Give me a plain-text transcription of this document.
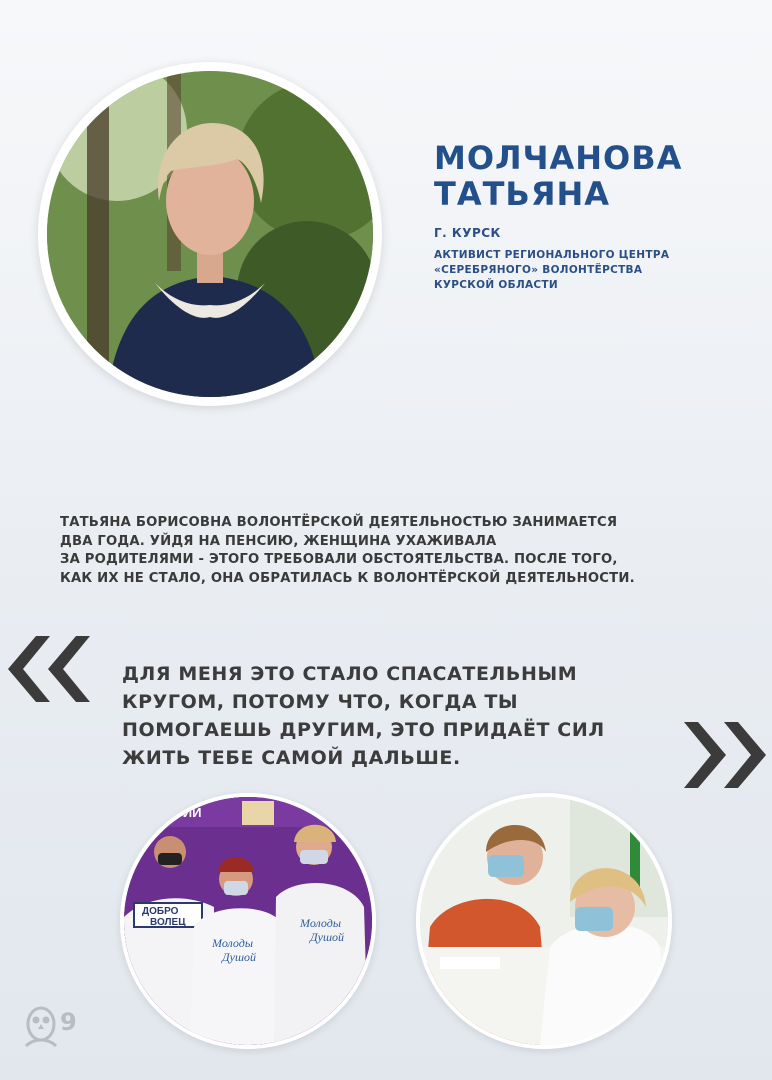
МОЛЧАНОВА
ТАТЬЯНА
Г. КУРСК
АКТИВИСТ РЕГИОНАЛЬНОГО ЦЕНТРА
«СЕРЕБРЯНОГО» ВОЛОНТЁРСТВА
КУРСКОЙ ОБЛАСТИ
ТАТЬЯНА БОРИСОВНА ВОЛОНТЁРСКОЙ ДЕЯТЕЛЬНОСТЬЮ ЗАНИМАЕТСЯ
ДВА ГОДА. УЙДЯ НА ПЕНСИЮ, ЖЕНЩИНА УХАЖИВАЛА
ЗА РОДИТЕЛЯМИ - ЭТОГО ТРЕБОВАЛИ ОБСТОЯТЕЛЬСТВА. ПОСЛЕ ТОГО,
КАК ИХ НЕ СТАЛО, ОНА ОБРАТИЛАСЬ К ВОЛОНТЁРСКОЙ ДЕЯТЕЛЬНОСТИ.
ДЛЯ МЕНЯ ЭТО СТАЛО СПАСАТЕЛЬНЫМ
КРУГОМ, ПОТОМУ ЧТО, КОГДА ТЫ
ПОМОГАЕШЬ ДРУГИМ, ЭТО ПРИДАЁТ СИЛ
ЖИТЬ ТЕБЕ САМОЙ ДАЛЬШЕ.
ССИИ
ДОБРО
ВОЛЕЦ
Молоды
Душой
Молоды
Душой
9
